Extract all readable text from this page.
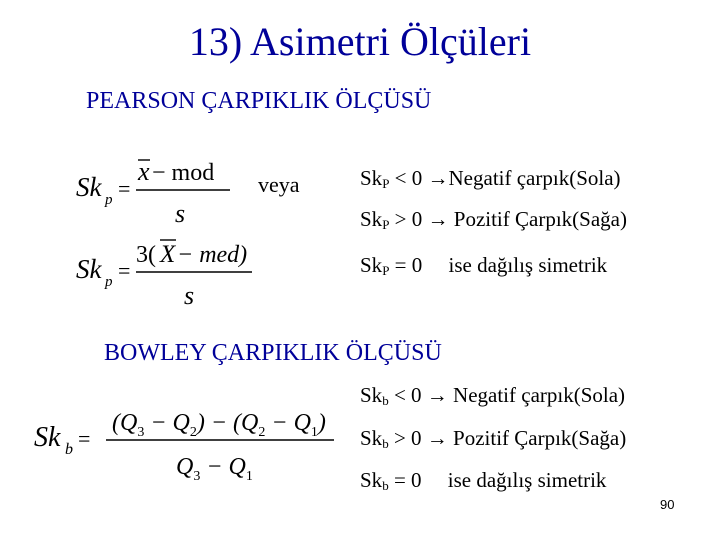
13) Asimetri Ölçüleri
PEARSON ÇARPIKLIK ÖLÇÜSÜ
Sk p =
x − mod
s
veya
Sk p =
3( X − med)
s
$Sk_P < 0$ →Negatif çarpık(Sola)
$Sk_P > 0$ → Pozitif Çarpık(Sağa)
$Sk_P = 0$     ise dağılış simetrik
BOWLEY ÇARPIKLIK ÖLÇÜSÜ
Sk b =
$(Q_3 - Q_2) - (Q_2 - Q_1)$
$Q_3 - Q_1$
$Sk_b < 0$ → Negatif çarpık(Sola)
$Sk_b > 0$ → Pozitif Çarpık(Sağa)
$Sk_b = 0$     ise dağılış simetrik
90
